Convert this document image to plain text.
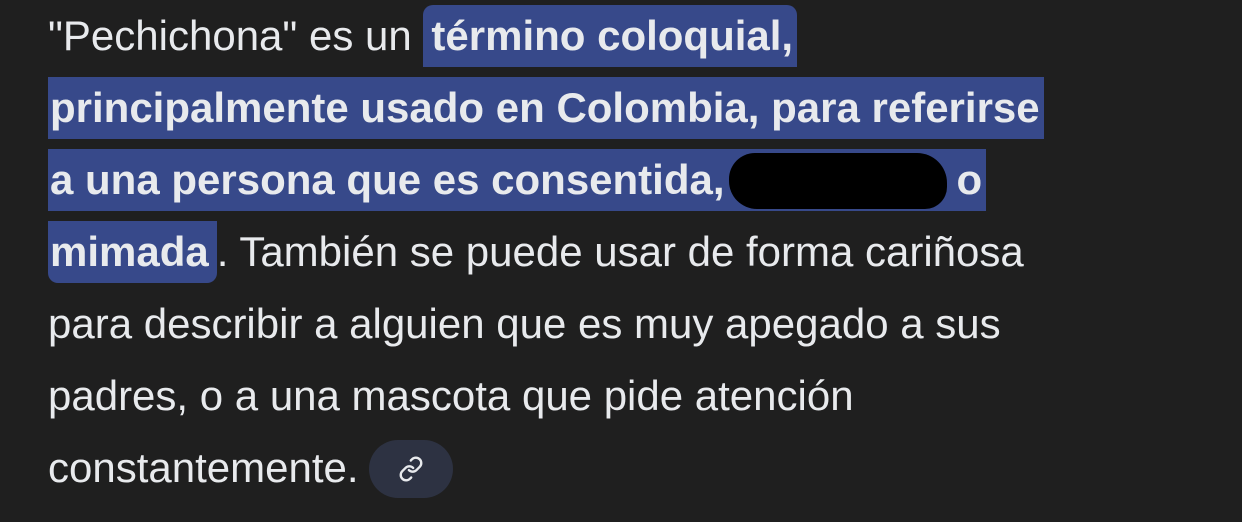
"Pechichona" es un término coloquial,
principalmente usado en Colombia, para referirse
a una persona que es consentida,	o
mimada . También se puede usar de forma cariñosa
para describir a alguien que es muy apegado a sus
padres, o a una mascota que pide atención
constantemente.
